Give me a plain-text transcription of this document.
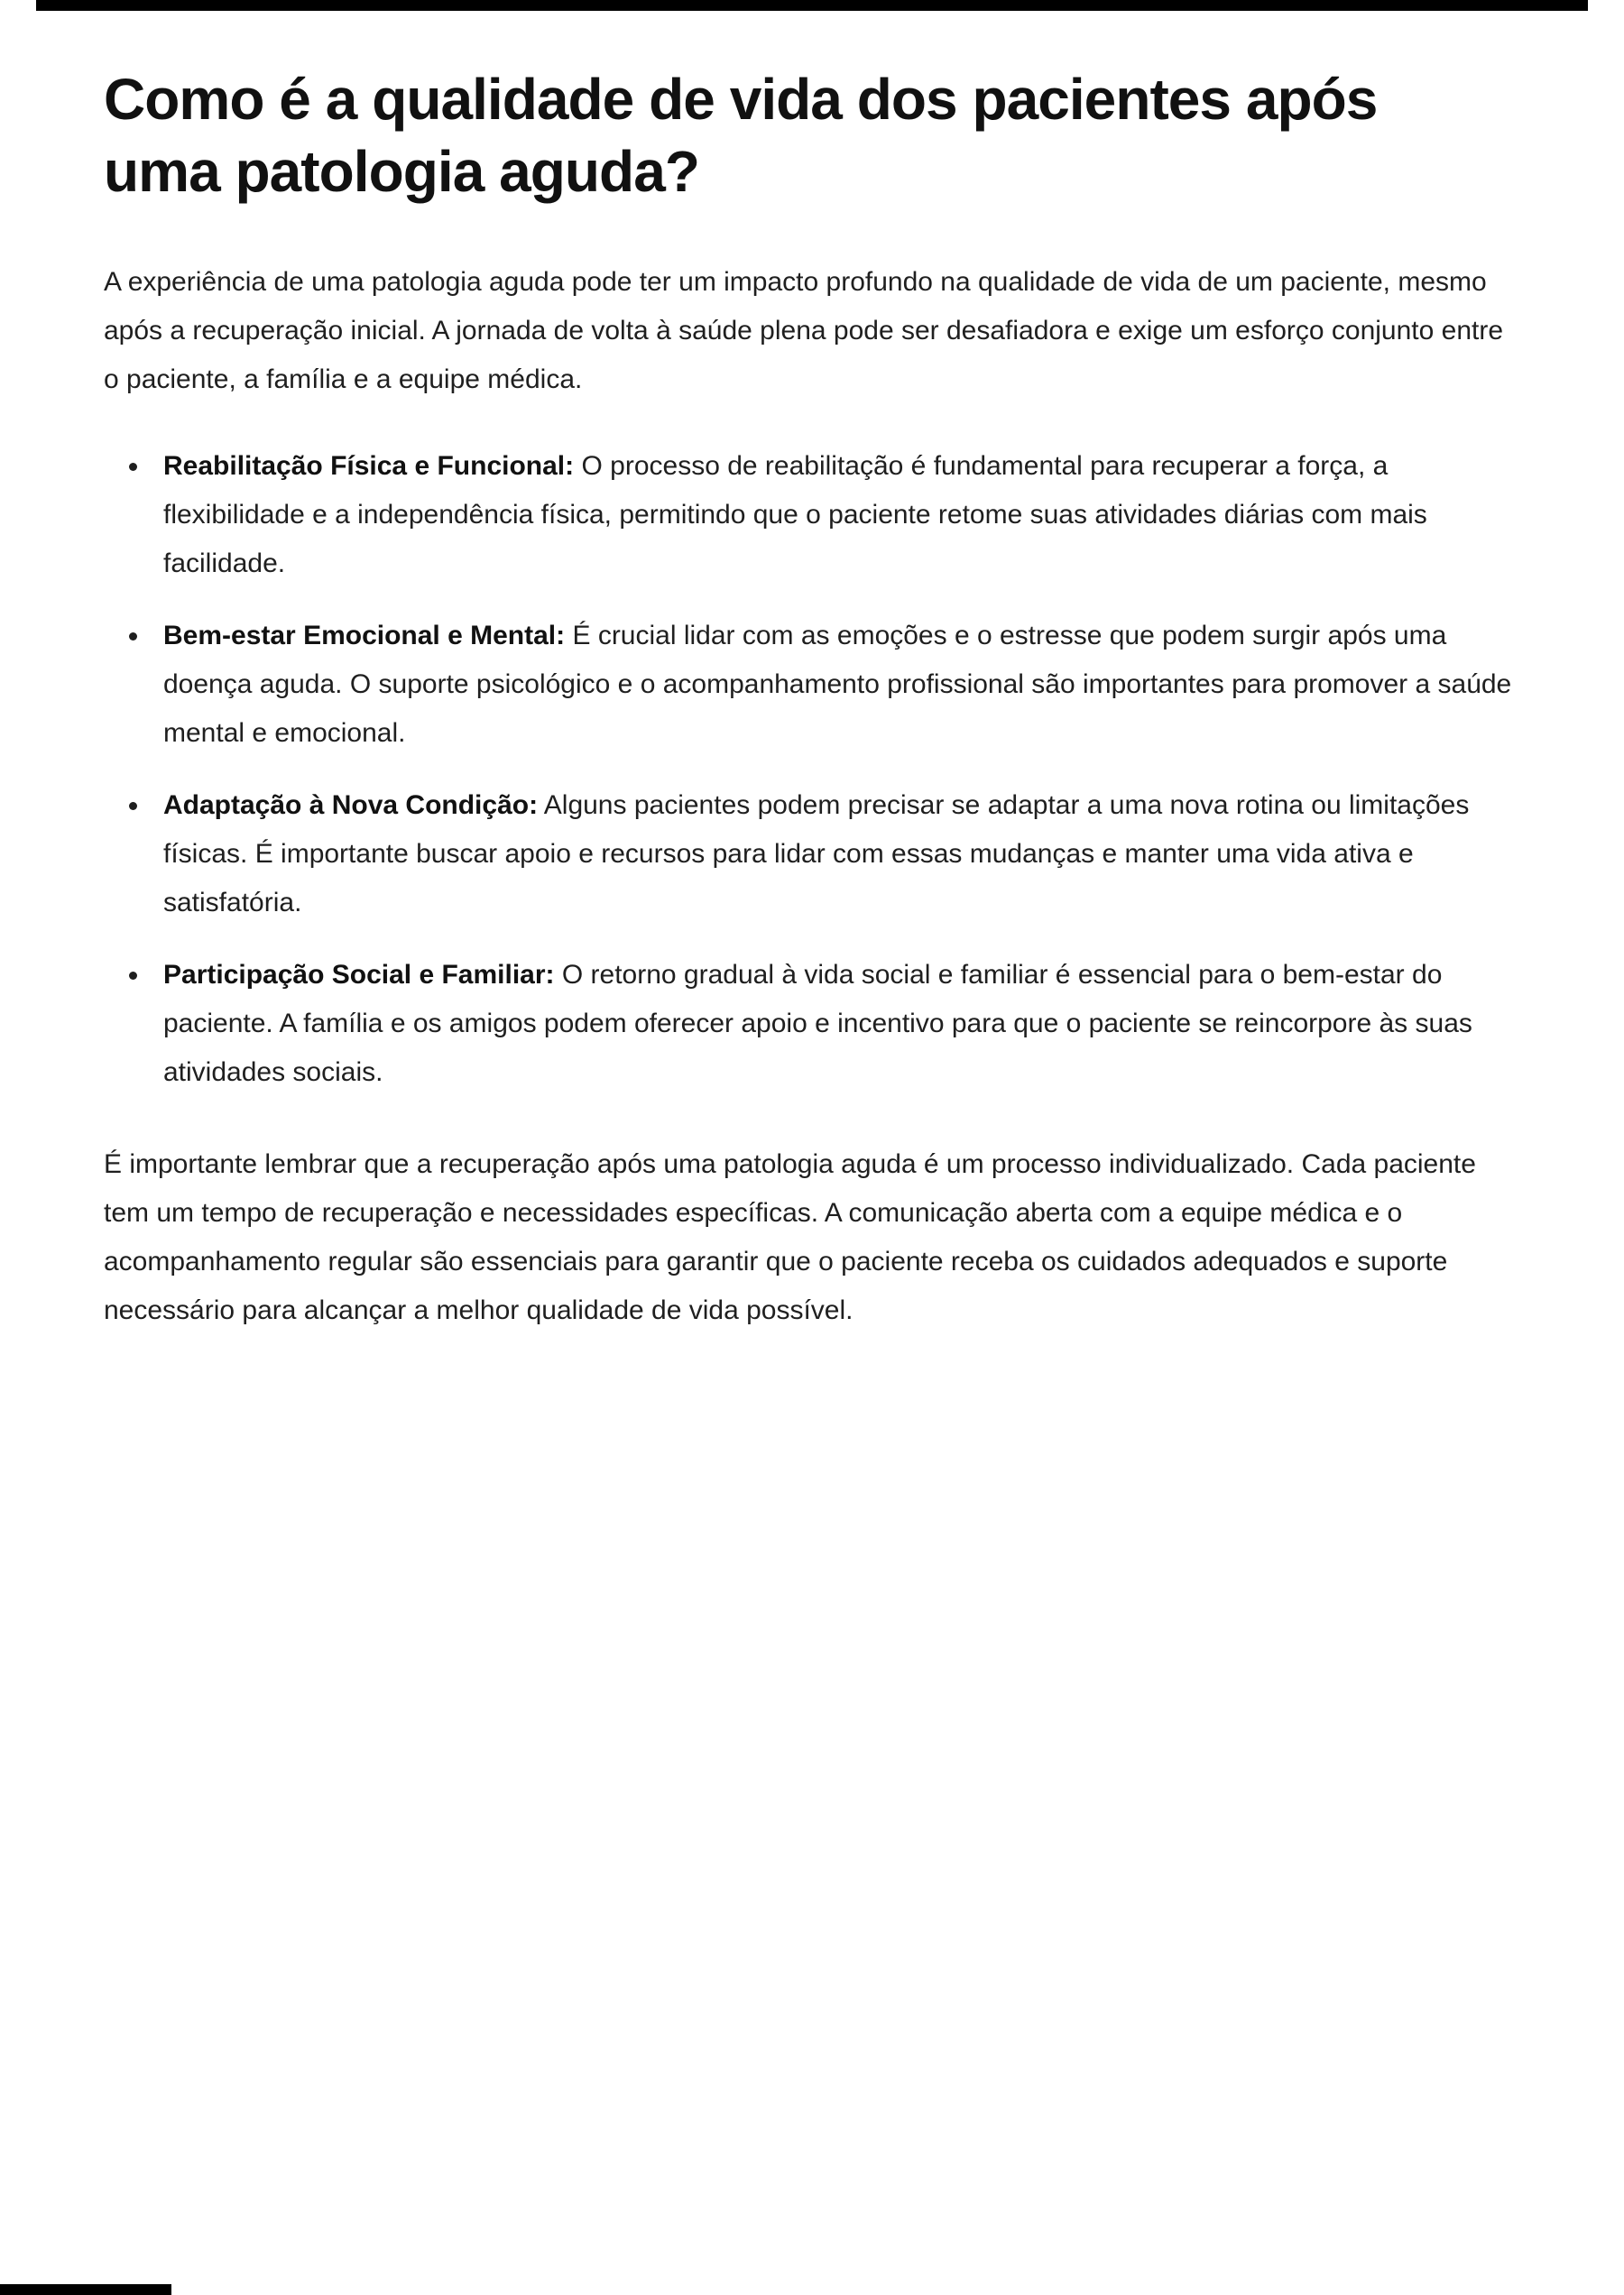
Como é a qualidade de vida dos pacientes após uma patologia aguda?

A experiência de uma patologia aguda pode ter um impacto profundo na qualidade de vida de um paciente, mesmo após a recuperação inicial. A jornada de volta à saúde plena pode ser desafiadora e exige um esforço conjunto entre o paciente, a família e a equipe médica.

• Reabilitação Física e Funcional: O processo de reabilitação é fundamental para recuperar a força, a flexibilidade e a independência física, permitindo que o paciente retome suas atividades diárias com mais facilidade.
• Bem-estar Emocional e Mental: É crucial lidar com as emoções e o estresse que podem surgir após uma doença aguda. O suporte psicológico e o acompanhamento profissional são importantes para promover a saúde mental e emocional.
• Adaptação à Nova Condição: Alguns pacientes podem precisar se adaptar a uma nova rotina ou limitações físicas. É importante buscar apoio e recursos para lidar com essas mudanças e manter uma vida ativa e satisfatória.
• Participação Social e Familiar: O retorno gradual à vida social e familiar é essencial para o bem-estar do paciente. A família e os amigos podem oferecer apoio e incentivo para que o paciente se reincorpore às suas atividades sociais.

É importante lembrar que a recuperação após uma patologia aguda é um processo individualizado. Cada paciente tem um tempo de recuperação e necessidades específicas. A comunicação aberta com a equipe médica e o acompanhamento regular são essenciais para garantir que o paciente receba os cuidados adequados e suporte necessário para alcançar a melhor qualidade de vida possível.
